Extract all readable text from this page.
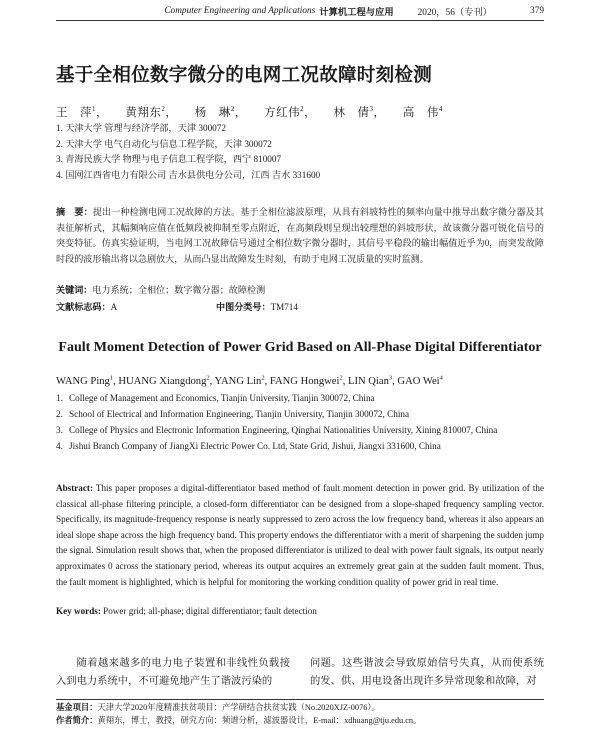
Computer Engineering and Applications 计算机工程与应用	2020，56（专刊）	379
基于全相位数字微分的电网工况故障时刻检测
王　萍$^1$， 黄翔东$^2$， 杨　琳$^2$， 方红伟$^2$， 林　倩$^3$， 高　伟$^4$
1. 天津大学 管理与经济学部，天津 300072
2. 天津大学 电气自动化与信息工程学院，天津 300072
3. 青海民族大学 物理与电子信息工程学院，西宁 810007
4. 国网江西省电力有限公司 吉水县供电分公司，江西 吉水 331600
摘　要：提出一种检测电网工况故障的方法。基于全相位滤波原理，从具有斜坡特性的频率向量中推导出数字微分器及其表征解析式，其幅频响应值在低频段被抑制至零点附近，在高频段则呈现出较理想的斜坡形状，故该微分器可锐化信号的突变特征。仿真实验证明，当电网工况故障信号通过全相位数字微分器时，其信号平稳段的输出幅值近乎为0，而突发故障时段的波形输出将以急剧放大，从而凸显出故障发生时刻，有助于电网工况质量的实时监测。
关键词：电力系统；全相位；数字微分器；故障检测
文献标志码：A	中图分类号：TM714
Fault Moment Detection of Power Grid Based on All-Phase Digital Differentiator
WANG Ping$^1$, HUANG Xiangdong$^2$, YANG Lin$^2$, FANG Hongwei$^2$, LIN Qian$^3$, GAO Wei$^4$
1. College of Management and Economics, Tianjin University, Tianjin 300072, China
2. School of Electrical and Information Engineering, Tianjin University, Tianjin 300072, China
3. College of Physics and Electronic Information Engineering, Qinghai Nationalities University, Xining 810007, China
4. Jishui Branch Company of JiangXi Electric Power Co. Ltd, State Grid, Jishui, Jiangxi 331600, China
Abstract: This paper proposes a digital-differentiator based method of fault moment detection in power grid. By utilization of the classical all-phase filtering principle, a closed-form differentiator can be designed from a slope-shaped frequency sampling vector. Specifically, its magnitude-frequency response is nearly suppressed to zero across the low frequency band, whereas it also appears an ideal slope shape across the high frequency band. This property endows the differentiator with a merit of sharpening the sudden jump the signal. Simulation result shows that, when the proposed differentiator is utilized to deal with power fault signals, its output nearly approximates 0 across the stationary period, whereas its output acquires an extremely great gain at the sudden fault moment. Thus, the fault moment is highlighted, which is helpful for monitoring the working condition quality of power grid in real time.
Key words: Power grid; all-phase; digital differentiator; fault detection

随着越来越多的电力电子装置和非线性负载接入到电力系统中，不可避免地产生了谐波污染的

问题。这些谐波会导致原始信号失真，从而使系统的发、供、用电设备出现许多异常现象和故障，对

基金项目：天津大学2020年度精准扶贫项目：产学研结合扶贫实践（No.2020XJZ-0076）。
作者简介：黄翔东，博士，教授，研究方向：频谱分析，滤波器设计，E-mail：xdhuang@tju.edu.cn。
